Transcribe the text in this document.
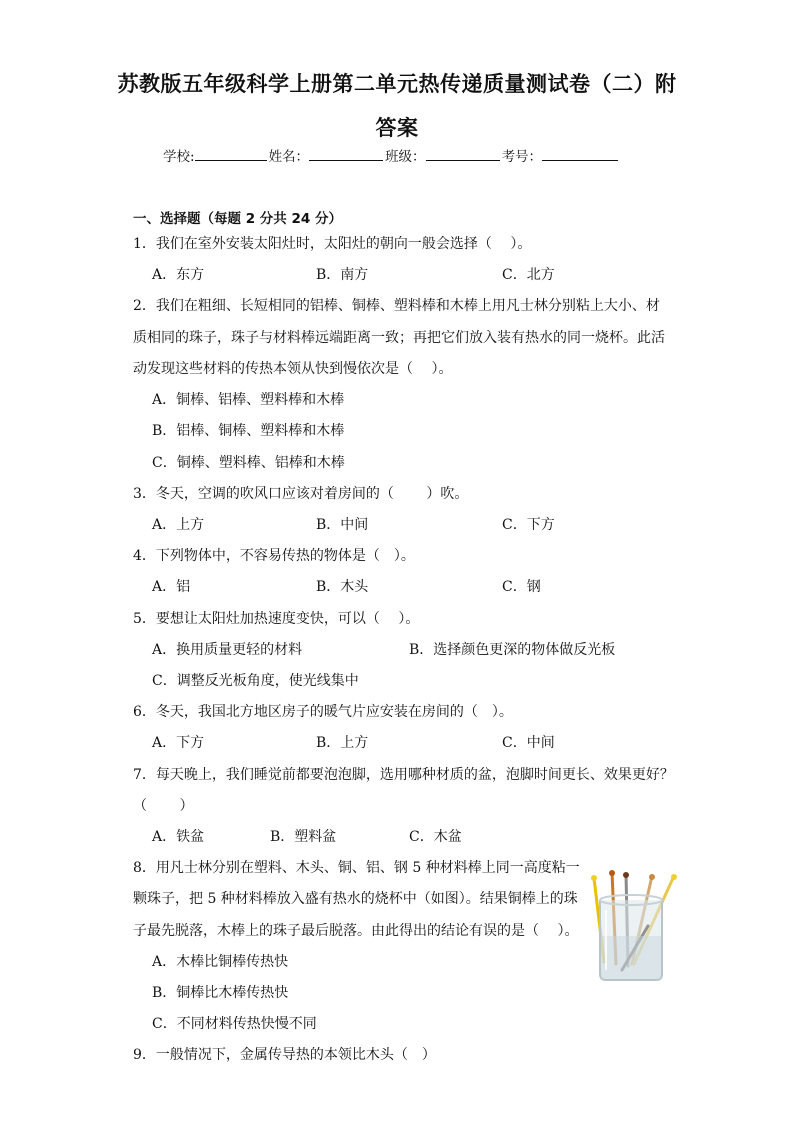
苏教版五年级科学上册第二单元热传递质量测试卷（二）附
答案
学校:	姓名：	班级：	考号：
一、选择题（每题 2 分共 24 分）
1．我们在室外安装太阳灶时，太阳灶的朝向一般会选择（　 ）。
A．东方	B．南方	C．北方
2．我们在粗细、长短相同的铝棒、铜棒、塑料棒和木棒上用凡士林分别粘上大小、材
质相同的珠子，珠子与材料棒远端距离一致；再把它们放入装有热水的同一烧杯。此活
动发现这些材料的传热本领从快到慢依次是（　 ）。
A．铜棒、铝棒、塑料棒和木棒
B．铝棒、铜棒、塑料棒和木棒
C．铜棒、塑料棒、铝棒和木棒
3．冬天，空调的吹风口应该对着房间的（　　 ）吹。
A．上方	B．中间	C．下方
4．下列物体中，不容易传热的物体是（　）。
A．铝	B．木头	C．钢
5．要想让太阳灶加热速度变快，可以（　 ）。
A．换用质量更轻的材料	B．选择颜色更深的物体做反光板
C．调整反光板角度，使光线集中
6．冬天，我国北方地区房子的暖气片应安装在房间的（　）。
A．下方	B．上方	C．中间
7．每天晚上，我们睡觉前都要泡泡脚，选用哪种材质的盆，泡脚时间更长、效果更好？
（　　 ）
A．铁盆	B．塑料盆	C．木盆
8．用凡士林分别在塑料、木头、铜、铝、钢 5 种材料棒上同一高度粘一
颗珠子，把 5 种材料棒放入盛有热水的烧杯中（如图）。结果铜棒上的珠
子最先脱落，木棒上的珠子最后脱落。由此得出的结论有误的是（　 ）。
A．木棒比铜棒传热快
B．铜棒比木棒传热快
C．不同材料传热快慢不同
9．一般情况下，金属传导热的本领比木头（　）
